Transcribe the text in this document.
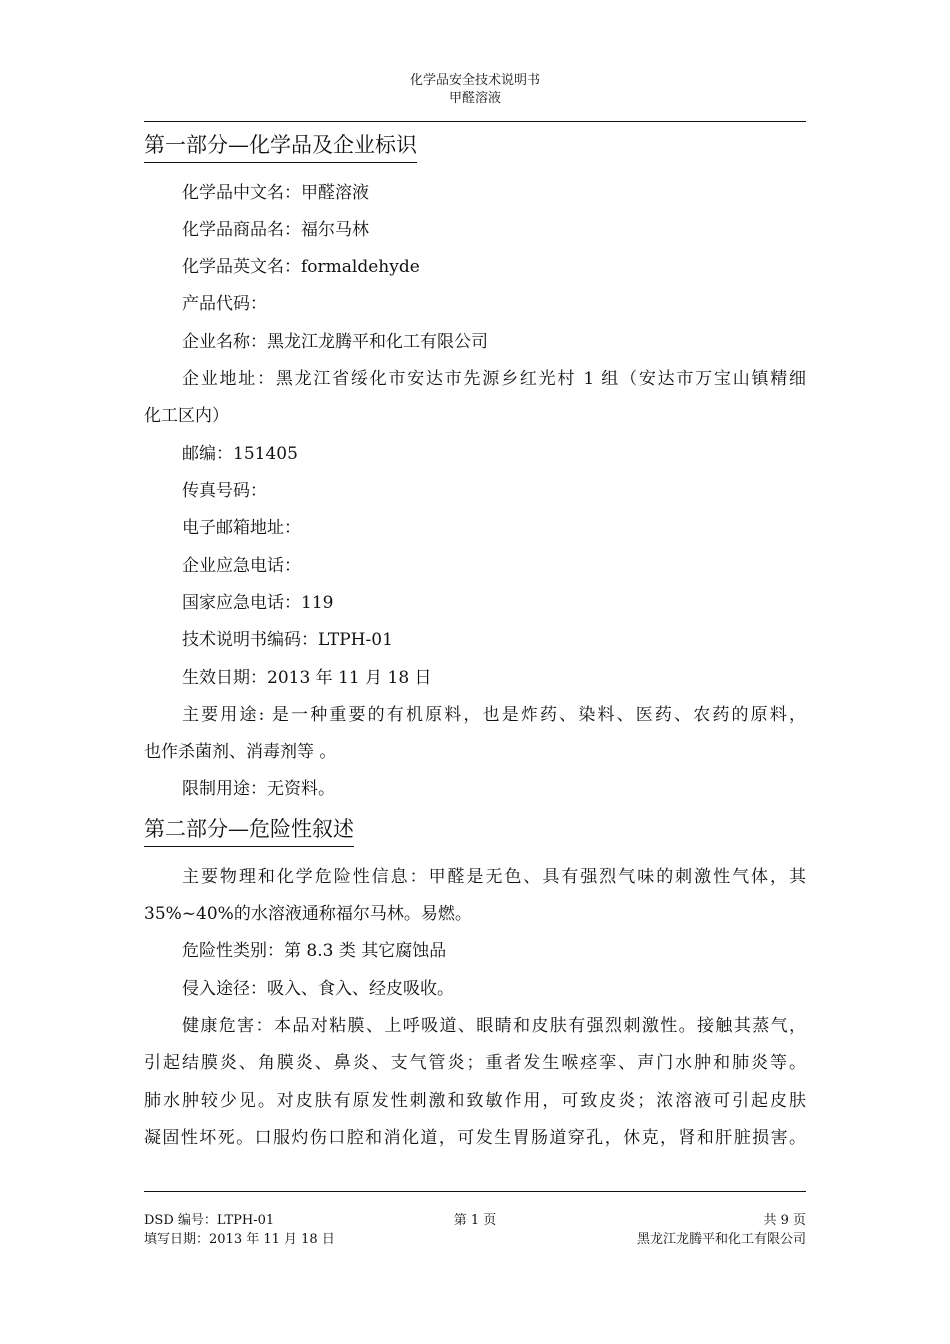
化学品安全技术说明书
甲醛溶液
第一部分—化学品及企业标识
化学品中文名：甲醛溶液
化学品商品名：福尔马林
化学品英文名：formaldehyde
产品代码：
企业名称：黑龙江龙腾平和化工有限公司
企业地址：黑龙江省绥化市安达市先源乡红光村 1 组（安达市万宝山镇精细
化工区内）
邮编：151405
传真号码：
电子邮箱地址：
企业应急电话：
国家应急电话：119
技术说明书编码：LTPH-01
生效日期：2013 年 11 月 18 日
主要用途: 是一种重要的有机原料，也是炸药、染料、医药、农药的原料，
也作杀菌剂、消毒剂等 。
限制用途：无资料。
第二部分—危险性叙述
主要物理和化学危险性信息：甲醛是无色、具有强烈气味的刺激性气体，其
35%~40%的水溶液通称福尔马林。易燃。
危险性类别：第 8.3 类 其它腐蚀品
侵入途径：吸入、食入、经皮吸收。
健康危害：本品对粘膜、上呼吸道、眼睛和皮肤有强烈刺激性。接触其蒸气，
引起结膜炎、角膜炎、鼻炎、支气管炎；重者发生喉痉挛、声门水肿和肺炎等。
肺水肿较少见。对皮肤有原发性刺激和致敏作用，可致皮炎；浓溶液可引起皮肤
凝固性坏死。口服灼伤口腔和消化道，可发生胃肠道穿孔，休克，肾和肝脏损害。
DSD 编号：LTPH-01	第 1 页	共 9 页
填写日期：2013 年 11 月 18 日	黑龙江龙腾平和化工有限公司
